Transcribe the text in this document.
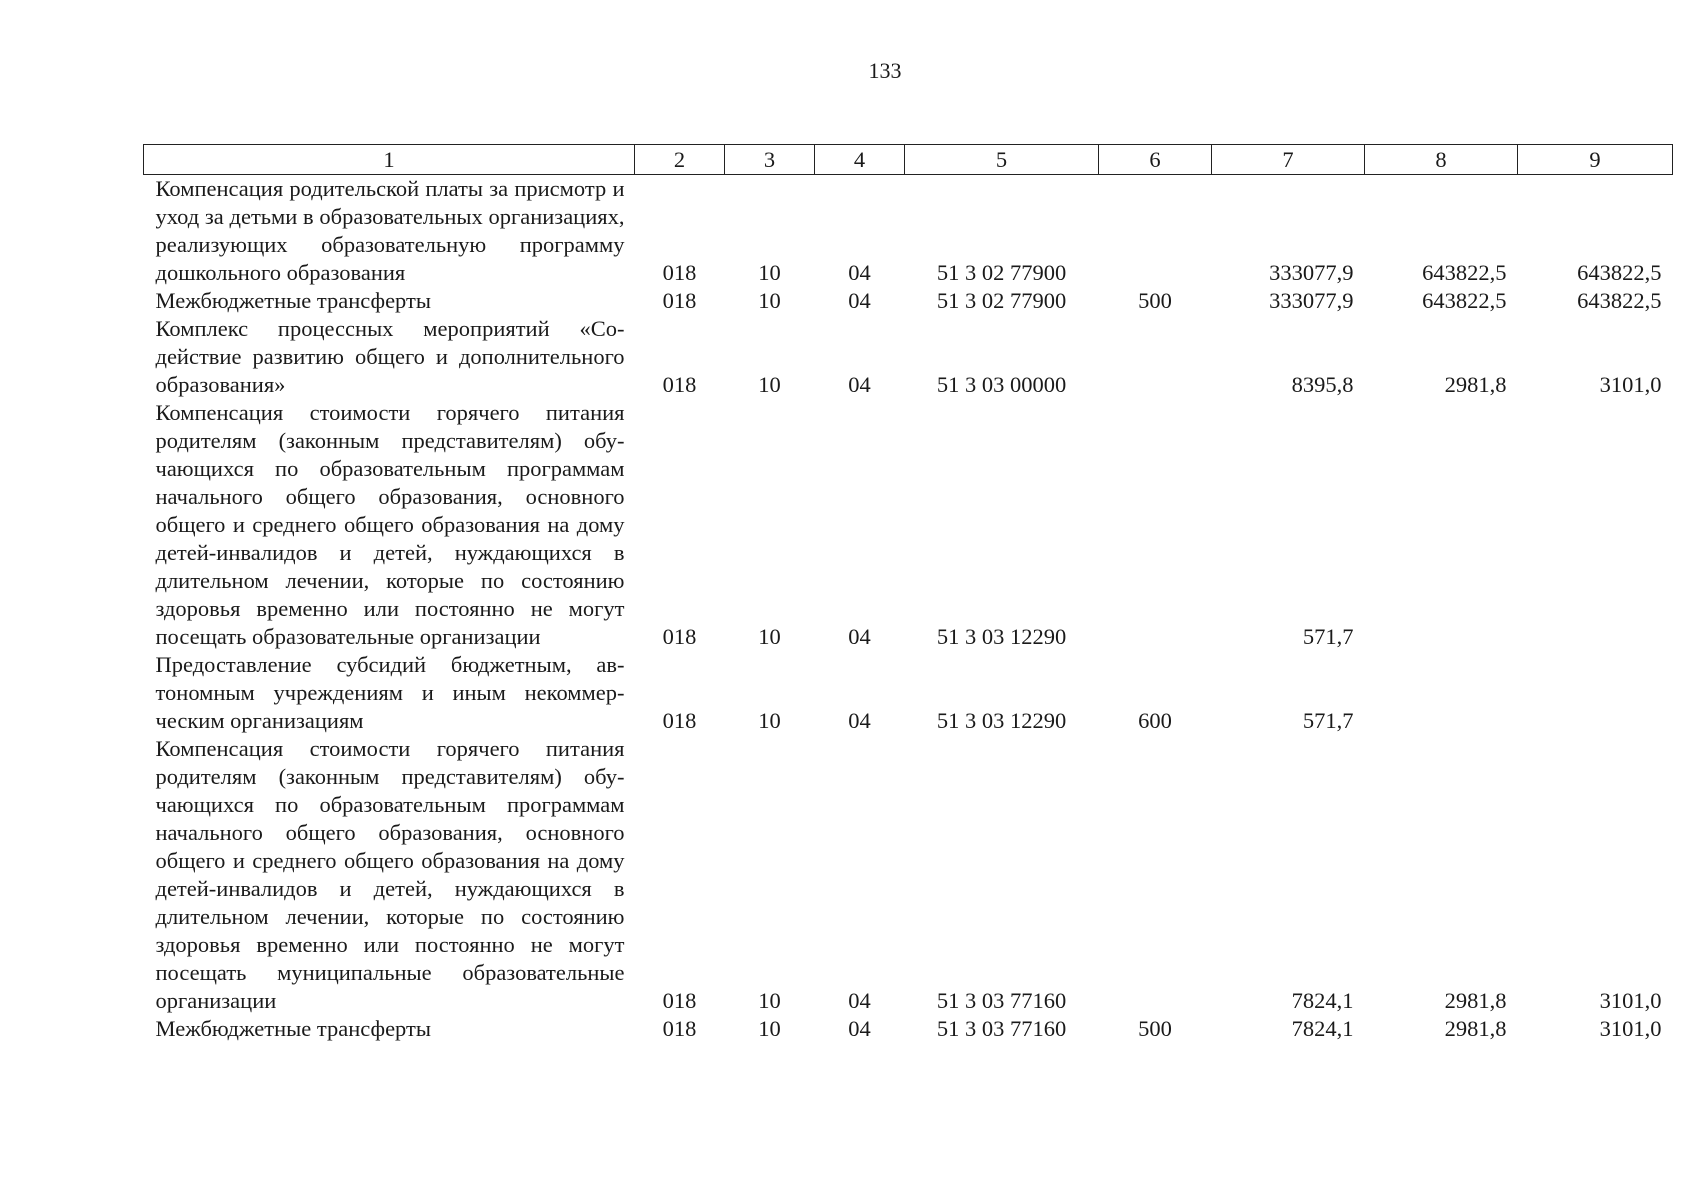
133
1	2	3	4	5	6	7	8	9
Компенсация родительской платы за присмотр и уход за детьми в образовательных организациях, реализующих образовательную программу дошкольного образования	018	10	04	51 3 02 77900		333077,9	643822,5	643822,5
Межбюджетные трансферты	018	10	04	51 3 02 77900	500	333077,9	643822,5	643822,5
Комплекс процессных мероприятий «Содействие развитию общего и дополнительного образования»	018	10	04	51 3 03 00000		8395,8	2981,8	3101,0
Компенсация стоимости горячего питания родителям (законным представителям) обучающихся по образовательным программам начального общего образования, основного общего и среднего общего образования на дому детей-инвалидов и детей, нуждающихся в длительном лечении, которые по состоянию здоровья временно или постоянно не могут посещать образовательные организации	018	10	04	51 3 03 12290		571,7		
Предоставление субсидий бюджетным, автономным учреждениям и иным некоммерческим организациям	018	10	04	51 3 03 12290	600	571,7		
Компенсация стоимости горячего питания родителям (законным представителям) обучающихся по образовательным программам начального общего образования, основного общего и среднего общего образования на дому детей-инвалидов и детей, нуждающихся в длительном лечении, которые по состоянию здоровья временно или постоянно не могут посещать муниципальные образовательные организации	018	10	04	51 3 03 77160		7824,1	2981,8	3101,0
Межбюджетные трансферты	018	10	04	51 3 03 77160	500	7824,1	2981,8	3101,0
